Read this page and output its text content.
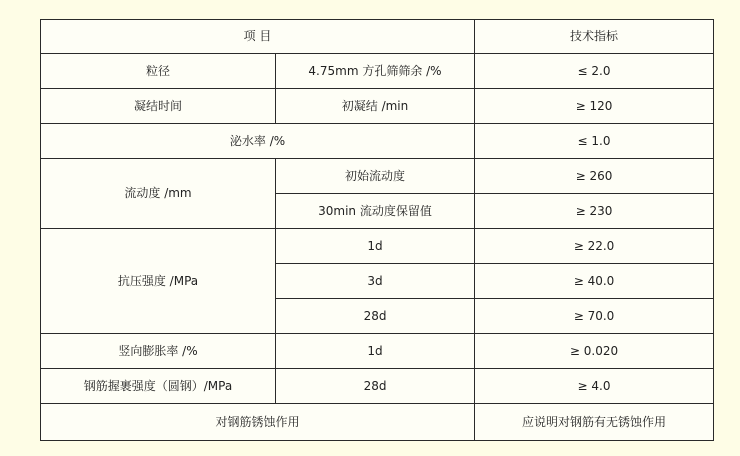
项 目		技术指标
粒径	4.75mm 方孔筛筛余 /%	≤ 2.0
凝结时间	初凝结 /min	≥ 120
泌水率 /%		≤ 1.0
流动度 /mm	初始流动度	≥ 260
	30min 流动度保留值	≥ 230
抗压强度 /MPa	1d	≥ 22.0
	3d	≥ 40.0
	28d	≥ 70.0
竖向膨胀率 /%	1d	≥ 0.020
钢筋握裹强度（圆钢）/MPa	28d	≥ 4.0
对钢筋锈蚀作用		应说明对钢筋有无锈蚀作用
